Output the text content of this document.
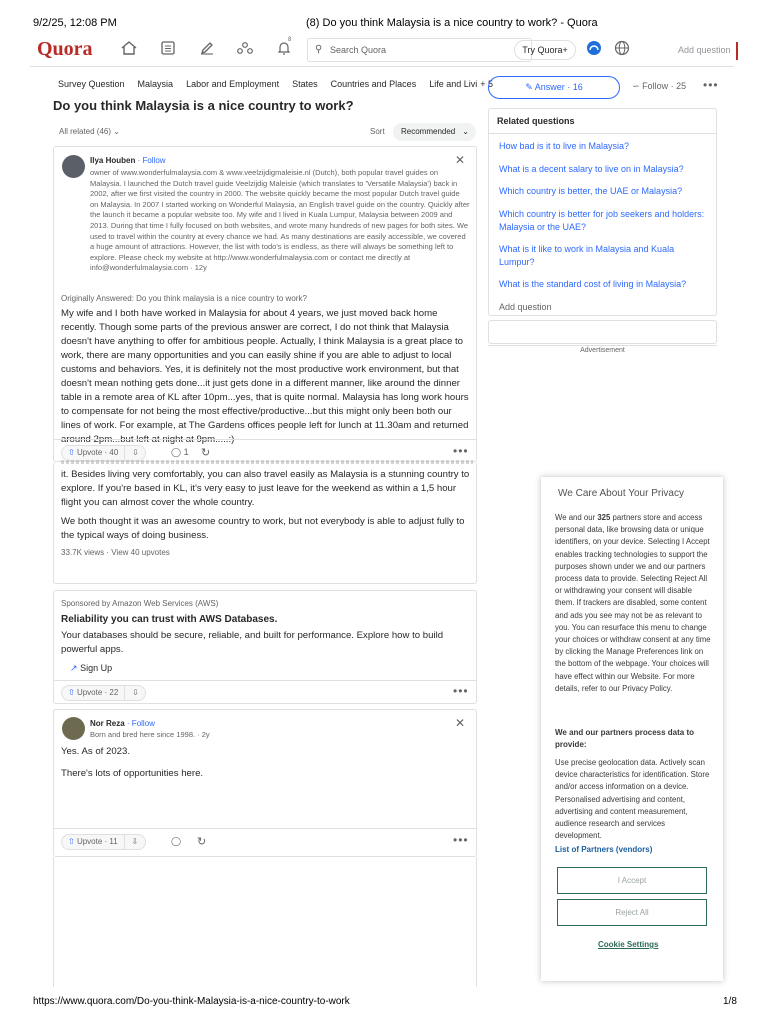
9/2/25, 12:08 PM	(8) Do you think Malaysia is a nice country to work? - Quora
Quora	8
⚲ Search Quora	Try Quora+	Add question
Survey Question Malaysia Labor and Employment States Countries and Places Life and Livi + 5
Do you think Malaysia is a nice country to work?
✎ Answer · 16	∽ Follow · 25 •••
All related (46) ⌄	Sort	Recommended ⌄
Ilya Houben · Follow	✕
owner of www.wonderfulmalaysia.com & www.veelzijdigmaleisie.nl (Dutch), both popular travel guides on Malaysia. I launched the Dutch travel guide Veelzijdig Maleisie (which translates to 'Versatile Malaysia') back in 2002, after we first visited the country in 2000. The website quickly became the most popular Dutch travel guide on Malaysia. In 2007 I started working on Wonderful Malaysia, an English travel guide on the country. Quickly after the launch it became a popular website too. My wife and I lived in Kuala Lumpur, Malaysia between 2009 and 2013. During that time I fully focused on both websites, and wrote many hundreds of new pages for both sites. We used to travel within the country at every chance we had. As many destinations are easily accessible, we covered a huge amount of attractions. However, the list with todo's is endless, as there will always be something left to explore. Please check my website at http://www.wonderfulmalaysia.com or contact me directly at info@wonderfulmalaysia.com · 12y
Originally Answered: Do you think malaysia is a nice country to work?
My wife and I both have worked in Malaysia for about 4 years, we just moved back home recently. Though some parts of the previous answer are correct, I do not think that Malaysia doesn't have anything to offer for ambitious people. Actually, I think Malaysia is a great place to work, there are many opportunities and you can easily shine if you are able to adjust to local customs and behaviors. Yes, it is definitely not the most productive work environment, but that doesn't mean nothing gets done...it just gets done in a different manner, like around the dinner table in a remote area of KL after 10pm...yes, that is quite normal. Malaysia has long work hours to compensate for not being the most effective/productive...but this might only been both our lines of work. For example, at The Gardens offices people left for lunch at 11.30am and returned
⇧ Upvote · 40 ⇩	◯ 1 ↻	•••
it. Besides living very comfortably, you can also travel easily as Malaysia is a stunning country to explore. If you're based in KL, it's very easy to just leave for the weekend as within a 1,5 hour flight you can almost cover the whole country.
We both thought it was an awesome country to work, but not everybody is able to adjust fully to the typical ways of doing business.
33.7K views · View 40 upvotes
Sponsored by Amazon Web Services (AWS)
Reliability you can trust with AWS Databases.
Your databases should be secure, reliable, and built for performance. Explore how to build powerful apps.
↗ Sign Up
⇧ Upvote · 22 ⇩	•••
Nor Reza · Follow	✕
Born and bred here since 1998. · 2y
Yes. As of 2023.
There's lots of opportunities here.
⇧ Upvote · 11 ⇩	◯ ↻	•••
Related questions
How bad is it to live in Malaysia?
What is a decent salary to live on in Malaysia?
Which country is better, the UAE or Malaysia?
Which country is better for job seekers and holders: Malaysia or the UAE?
What is it like to work in Malaysia and Kuala Lumpur?
What is the standard cost of living in Malaysia?
Add question
Advertisement
We Care About Your Privacy
We and our 325 partners store and access personal data, like browsing data or unique identifiers, on your device. Selecting I Accept enables tracking technologies to support the purposes shown under we and our partners process data to provide. Selecting Reject All or withdrawing your consent will disable them. If trackers are disabled, some content and ads you see may not be as relevant to you. You can resurface this menu to change your choices or withdraw consent at any time by clicking the Manage Preferences link on the bottom of the webpage. Your choices will have effect within our Website. For more details, refer to our Privacy Policy.
We and our partners process data to provide:
Use precise geolocation data. Actively scan device characteristics for identification. Store and/or access information on a device. Personalised advertising and content, advertising and content measurement, audience research and services development.
List of Partners (vendors)
I Accept
Reject All
Cookie Settings
https://www.quora.com/Do-you-think-Malaysia-is-a-nice-country-to-work	1/8
